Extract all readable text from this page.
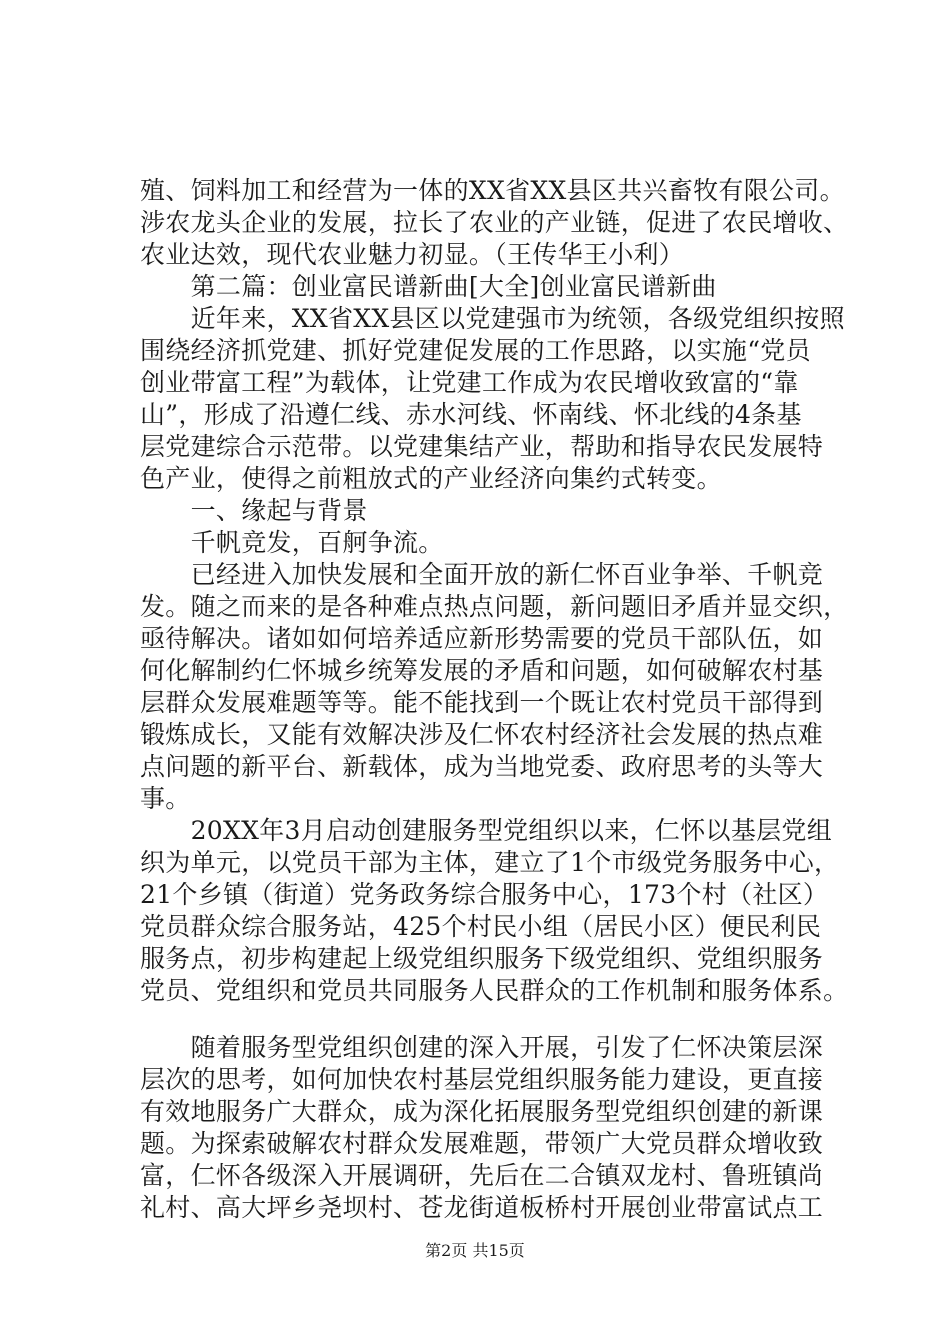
殖、饲料加工和经营为一体的XX省XX县区共兴畜牧有限公司。
涉农龙头企业的发展，拉长了农业的产业链，促进了农民增收、
农业达效，现代农业魅力初显。（王传华王小利）
　　第二篇：创业富民谱新曲[大全]创业富民谱新曲
　　近年来，XX省XX县区以党建强市为统领，各级党组织按照
围绕经济抓党建、抓好党建促发展的工作思路，以实施“党员
创业带富工程”为载体，让党建工作成为农民增收致富的“靠
山”，形成了沿遵仁线、赤水河线、怀南线、怀北线的4条基
层党建综合示范带。以党建集结产业，帮助和指导农民发展特
色产业，使得之前粗放式的产业经济向集约式转变。
　　一、缘起与背景
　　千帆竞发，百舸争流。
　　已经进入加快发展和全面开放的新仁怀百业争举、千帆竞
发。随之而来的是各种难点热点问题，新问题旧矛盾并显交织，
亟待解决。诸如如何培养适应新形势需要的党员干部队伍，如
何化解制约仁怀城乡统筹发展的矛盾和问题，如何破解农村基
层群众发展难题等等。能不能找到一个既让农村党员干部得到
锻炼成长，又能有效解决涉及仁怀农村经济社会发展的热点难
点问题的新平台、新载体，成为当地党委、政府思考的头等大
事。
　　20XX年3月启动创建服务型党组织以来，仁怀以基层党组
织为单元，以党员干部为主体，建立了1个市级党务服务中心，
21个乡镇（街道）党务政务综合服务中心，173个村（社区）
党员群众综合服务站，425个村民小组（居民小区）便民利民
服务点，初步构建起上级党组织服务下级党组织、党组织服务
党员、党组织和党员共同服务人民群众的工作机制和服务体系。
　　随着服务型党组织创建的深入开展，引发了仁怀决策层深
层次的思考，如何加快农村基层党组织服务能力建设，更直接
有效地服务广大群众，成为深化拓展服务型党组织创建的新课
题。为探索破解农村群众发展难题，带领广大党员群众增收致
富，仁怀各级深入开展调研，先后在二合镇双龙村、鲁班镇尚
礼村、高大坪乡尧坝村、苍龙街道板桥村开展创业带富试点工
第2页 共15页
